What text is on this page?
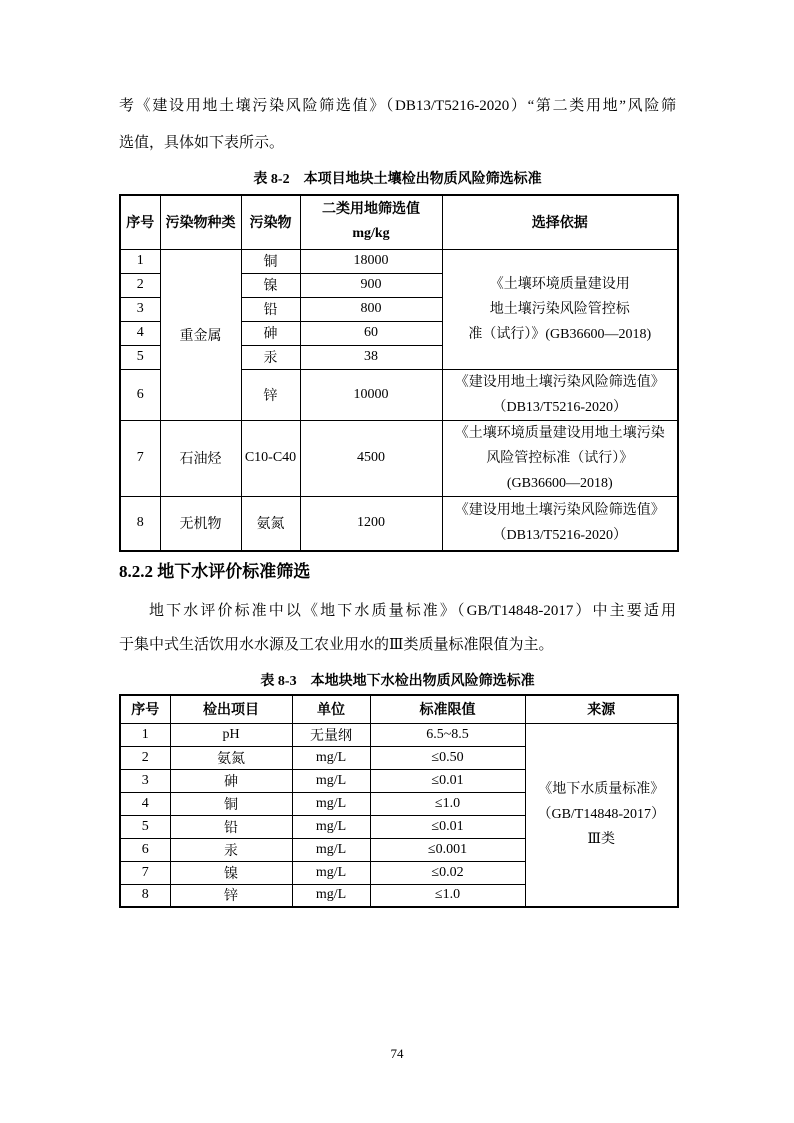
考《建设用地土壤污染风险筛选值》（DB13/T5216-2020）“第二类用地”风险筛
选值，具体如下表所示。
表 8-2　本项目地块土壤检出物质风险筛选标准
序号	污染物种类	污染物	二类用地筛选值
mg/kg	选择依据
1	重金属	铜	18000	《土壤环境质量建设用
地土壤污染风险管控标
准（试行）》(GB36600—2018)

2		镍	900	
3		铅	800	
4		砷	60	
5		汞	38	
6		锌	10000	《建设用地土壤污染风险筛选值》
（DB13/T5216-2020）

7	石油烃	C10-C40	4500	《土壤环境质量建设用地土壤污染
风险管控标准（试行）》
(GB36600—2018)

8	无机物	氨氮	1200	《建设用地土壤污染风险筛选值》
（DB13/T5216-2020）
8.2.2 地下水评价标准筛选
地下水评价标准中以《地下水质量标准》（GB/T14848-2017）中主要适用
于集中式生活饮用水水源及工农业用水的Ⅲ类质量标准限值为主。
表 8-3　本地块地下水检出物质风险筛选标准
序号	检出项目	单位	标准限值	来源
1	pH	无量纲	6.5~8.5	《地下水质量标准》
（GB/T14848-2017）
Ⅲ类

2	氨氮	mg/L	≤0.50	
3	砷	mg/L	≤0.01	
4	铜	mg/L	≤1.0	
5	铅	mg/L	≤0.01	
6	汞	mg/L	≤0.001	
7	镍	mg/L	≤0.02	
8	锌	mg/L	≤1.0	
74
